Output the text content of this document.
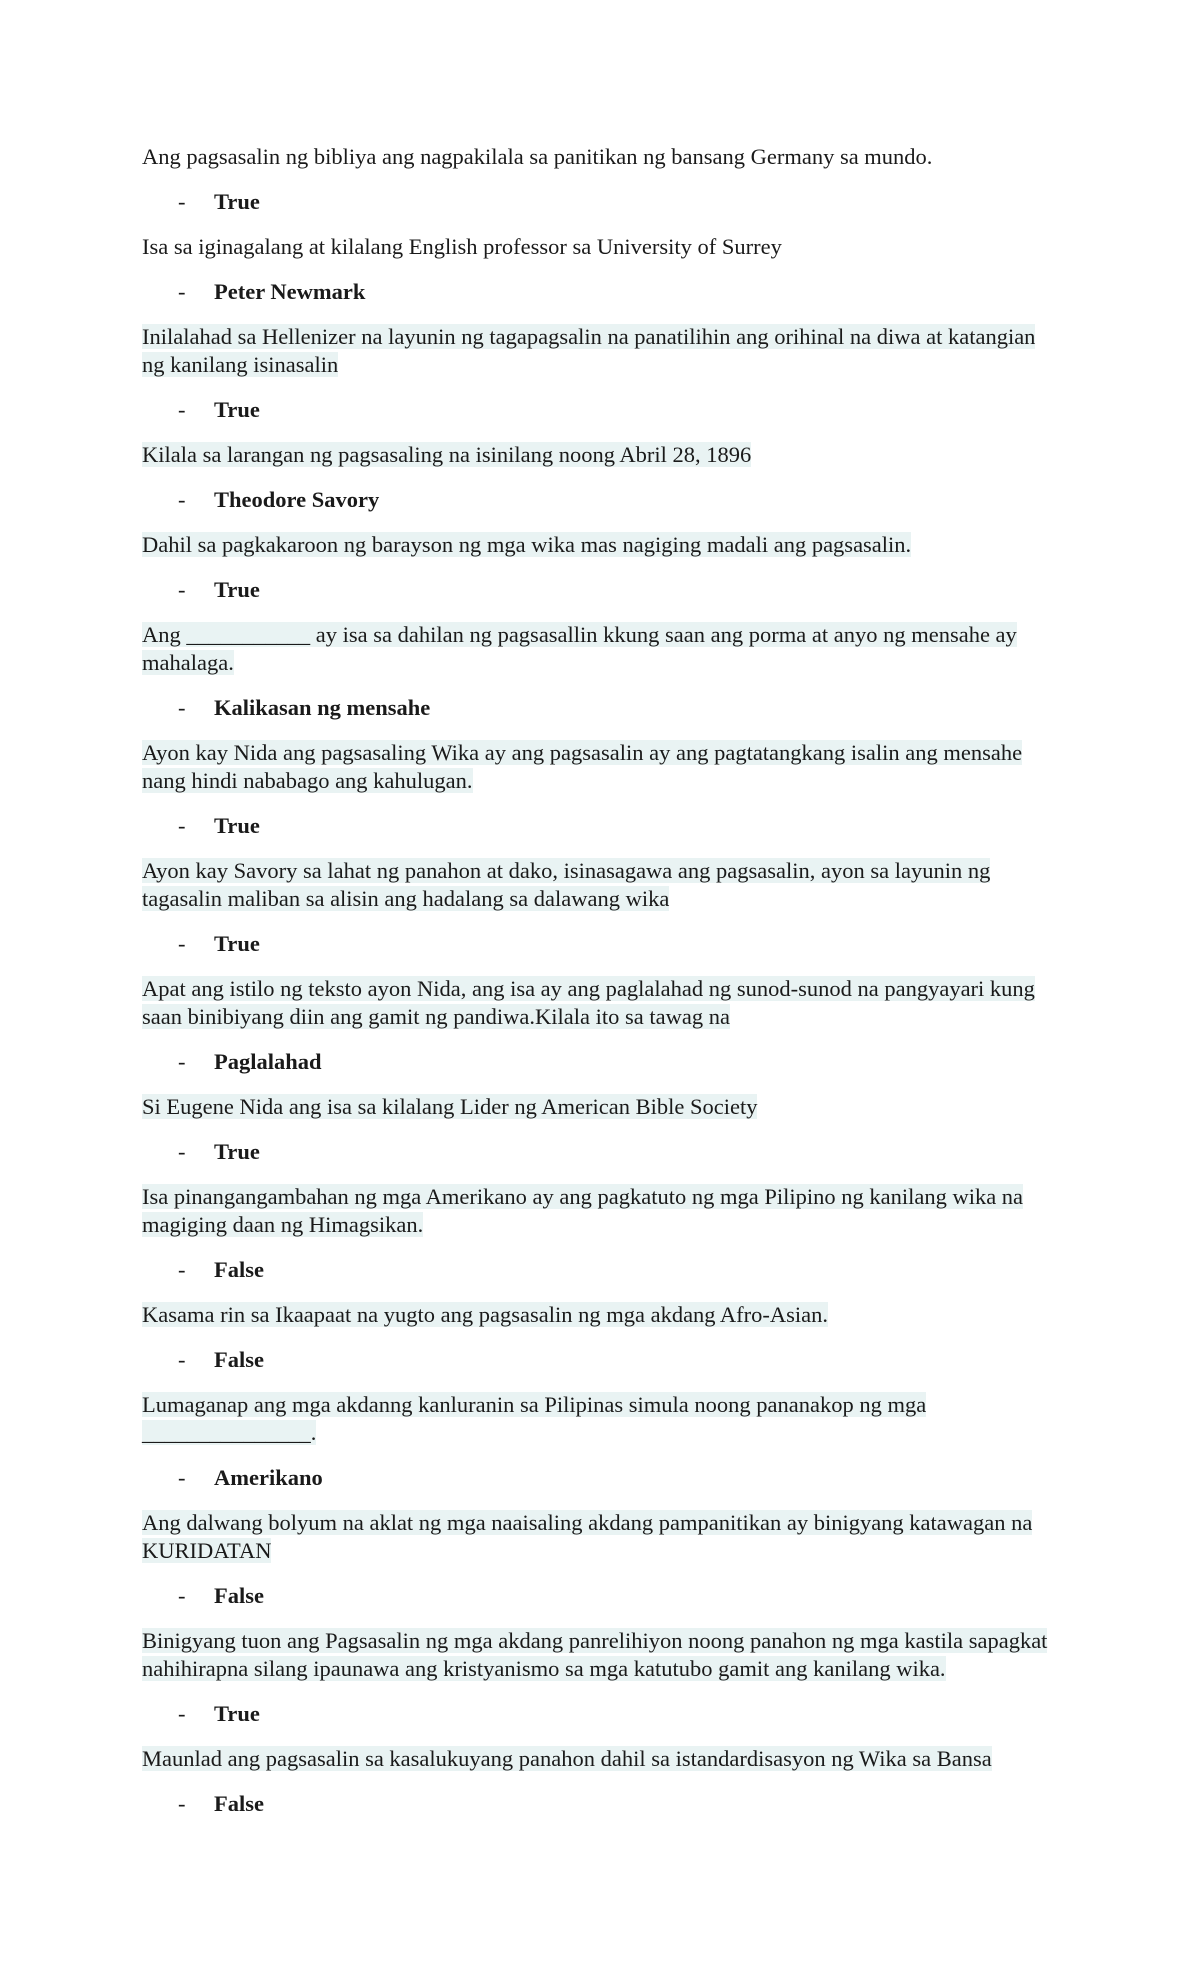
Ang pagsasalin ng bibliya ang nagpakilala sa panitikan ng bansang Germany sa mundo.

-	True

Isa sa iginagalang at kilalang English professor sa University of Surrey

-	Peter Newmark

Inilalahad sa Hellenizer na layunin ng tagapagsalin na panatilihin ang orihinal na diwa at katangian ng kanilang isinasalin

-	True

Kilala sa larangan ng pagsasaling na isinilang noong Abril 28, 1896

-	Theodore Savory

Dahil sa pagkakaroon ng barayson ng mga wika mas nagiging madali ang pagsasalin.

-	True

Ang ___________ ay isa sa dahilan ng pagsasallin kkung saan ang porma at anyo ng mensahe ay mahalaga.

-	Kalikasan ng mensahe

Ayon kay Nida ang pagsasaling Wika ay ang pagsasalin ay ang pagtatangkang isalin ang mensahe nang hindi nababago ang kahulugan.

-	True

Ayon kay Savory sa lahat ng panahon at dako, isinasagawa ang pagsasalin, ayon sa layunin ng tagasalin maliban sa alisin ang hadalang sa dalawang wika

-	True

Apat ang istilo ng teksto ayon Nida, ang isa ay ang paglalahad ng sunod-sunod na pangyayari kung saan binibiyang diin ang gamit ng pandiwa.Kilala ito sa tawag na

-	Paglalahad

Si Eugene Nida ang isa sa kilalang Lider ng American Bible Society

-	True

Isa pinangangambahan ng mga Amerikano ay ang pagkatuto ng mga Pilipino ng kanilang wika na magiging daan ng Himagsikan.

-	False

Kasama rin sa Ikaapaat na yugto ang pagsasalin ng mga akdang Afro-Asian.

-	False

Lumaganap ang mga akdanng kanluranin sa Pilipinas simula noong pananakop ng mga _______________.

-	Amerikano

Ang dalwang bolyum na aklat ng mga naaisaling akdang pampanitikan ay binigyang katawagan na KURIDATAN

-	False

Binigyang tuon ang Pagsasalin ng mga akdang panrelihiyon noong panahon ng mga kastila sapagkat nahihirapna silang ipaunawa ang kristyanismo sa mga katutubo gamit ang kanilang wika.

-	True

Maunlad ang pagsasalin sa kasalukuyang panahon dahil sa istandardisasyon ng Wika sa Bansa

-	False
